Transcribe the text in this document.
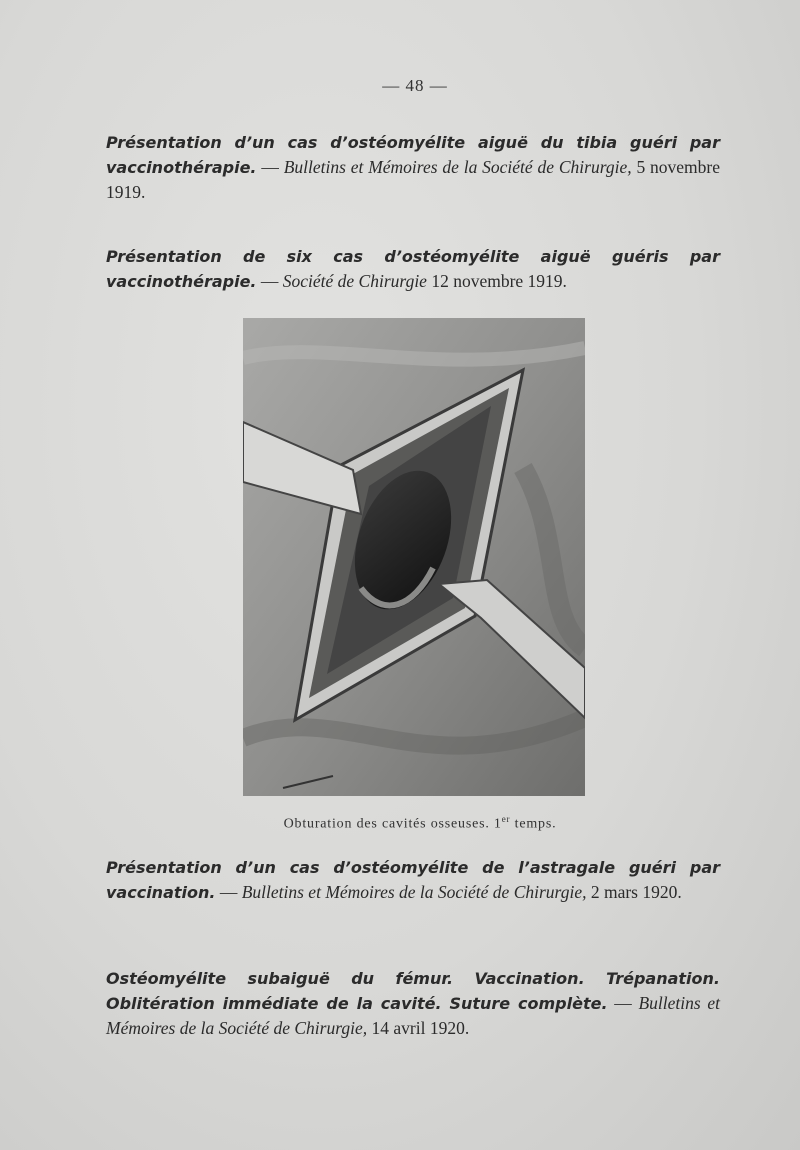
— 48 —
Présentation d’un cas d’ostéomyélite aiguë du tibia guéri par vaccinothérapie. — Bulletins et Mémoires de la Société de Chirurgie, 5 novembre 1919.
Présentation de six cas d’ostéomyélite aiguë guéris par vaccinothérapie. — Société de Chirurgie 12 novembre 1919.
Obturation des cavités osseuses. 1er temps.
Présentation d’un cas d’ostéomyélite de l’astragale guéri par vaccination. — Bulletins et Mémoires de la Société de Chirurgie, 2 mars 1920.
Ostéomyélite subaiguë du fémur. Vaccination. Trépanation. Oblitération immédiate de la cavité. Suture complète. — Bulletins et Mémoires de la Société de Chirurgie, 14 avril 1920.
